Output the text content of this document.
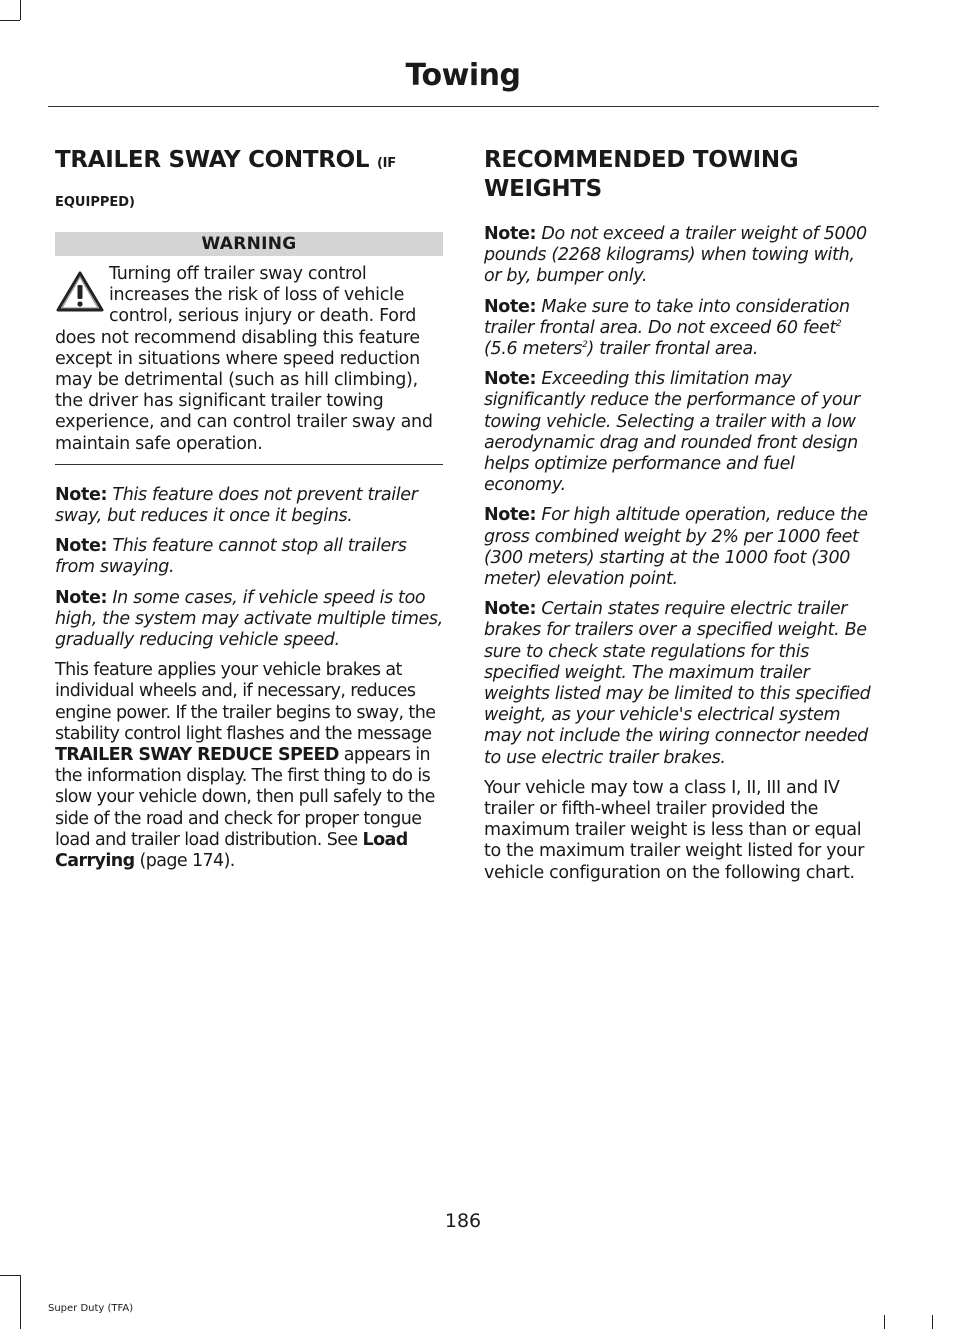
Towing
TRAILER SWAY CONTROL (IF
EQUIPPED)
WARNING
Turning off trailer sway control increases the risk of loss of vehicle control, serious injury or death. Ford does not recommend disabling this feature except in situations where speed reduction may be detrimental (such as hill climbing), the driver has significant trailer towing experience, and can control trailer sway and maintain safe operation.

Note: This feature does not prevent trailer sway, but reduces it once it begins.

Note: This feature cannot stop all trailers from swaying.

Note: In some cases, if vehicle speed is too high, the system may activate multiple times, gradually reducing vehicle speed.

This feature applies your vehicle brakes at individual wheels and, if necessary, reduces engine power. If the trailer begins to sway, the stability control light flashes and the message TRAILER SWAY REDUCE SPEED appears in the information display. The first thing to do is slow your vehicle down, then pull safely to the side of the road and check for proper tongue load and trailer load distribution. See Load Carrying (page 174).

RECOMMENDED TOWING WEIGHTS

Note: Do not exceed a trailer weight of 5000 pounds (2268 kilograms) when towing with, or by, bumper only.

Note: Make sure to take into consideration trailer frontal area. Do not exceed 60 feet$^2$ (5.6 meters$^2$) trailer frontal area.

Note: Exceeding this limitation may significantly reduce the performance of your towing vehicle. Selecting a trailer with a low aerodynamic drag and rounded front design helps optimize performance and fuel economy.

Note: For high altitude operation, reduce the gross combined weight by 2% per 1000 feet (300 meters) starting at the 1000 foot (300 meter) elevation point.

Note: Certain states require electric trailer brakes for trailers over a specified weight. Be sure to check state regulations for this specified weight. The maximum trailer weights listed may be limited to this specified weight, as your vehicle's electrical system may not include the wiring connector needed to use electric trailer brakes.

Your vehicle may tow a class I, II, III and IV trailer or fifth-wheel trailer provided the maximum trailer weight is less than or equal to the maximum trailer weight listed for your vehicle configuration on the following chart.

186
Super Duty (TFA)
